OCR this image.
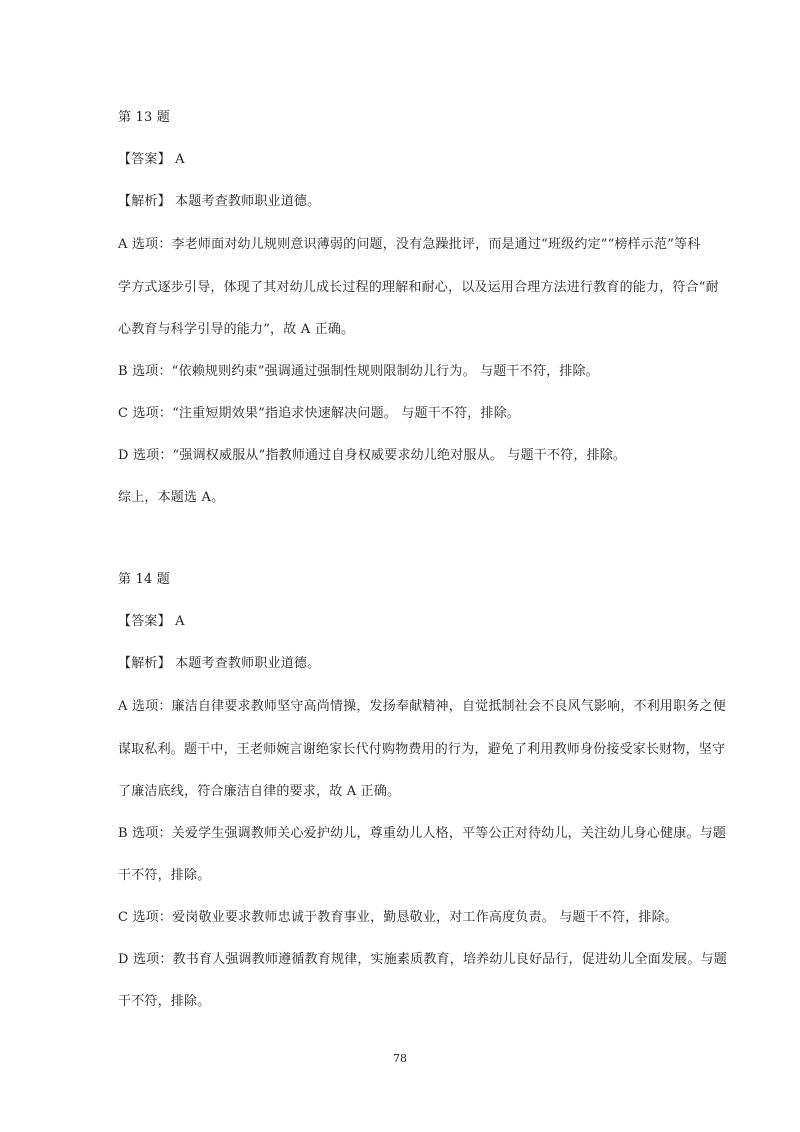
第 13 题
【答案】 A
【解析】 本题考查教师职业道德。
A 选项：李老师面对幼儿规则意识薄弱的问题，没有急躁批评，而是通过“班级约定”“榜样示范”等科
学方式逐步引导，体现了其对幼儿成长过程的理解和耐心，以及运用合理方法进行教育的能力，符合“耐
心教育与科学引导的能力”，故 A 正确。
B 选项：“依赖规则约束”强调通过强制性规则限制幼儿行为。 与题干不符，排除。
C 选项：“注重短期效果”指追求快速解决问题。 与题干不符，排除。
D 选项：“强调权威服从”指教师通过自身权威要求幼儿绝对服从。 与题干不符，排除。
综上，本题选 A。
第 14 题
【答案】 A
【解析】 本题考查教师职业道德。
A 选项：廉洁自律要求教师坚守高尚情操，发扬奉献精神，自觉抵制社会不良风气影响，不利用职务之便
谋取私利。题干中，王老师婉言谢绝家长代付购物费用的行为，避免了利用教师身份接受家长财物，坚守
了廉洁底线，符合廉洁自律的要求，故 A 正确。
B 选项：关爱学生强调教师关心爱护幼儿，尊重幼儿人格，平等公正对待幼儿，关注幼儿身心健康。与题
干不符，排除。
C 选项：爱岗敬业要求教师忠诚于教育事业，勤恳敬业，对工作高度负责。 与题干不符，排除。
D 选项：教书育人强调教师遵循教育规律，实施素质教育，培养幼儿良好品行，促进幼儿全面发展。与题
干不符，排除。
78
